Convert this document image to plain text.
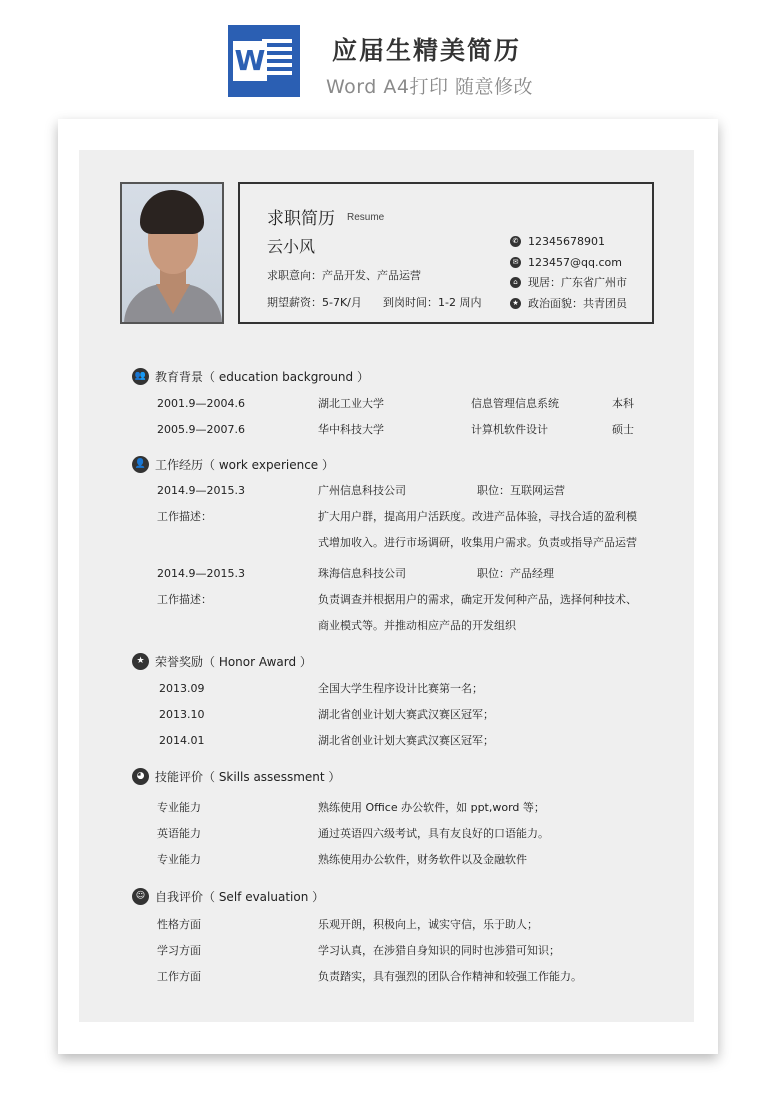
W	应届生精美简历
Word A4打印 随意修改
求职简历 Resume
云小风
求职意向：产品开发、产品运营
期望薪资：5-7K/月 到岗时间：1-2 周内
✆ 12345678901
✉ 123457@qq.com
⌂ 现居：广东省广州市
★ 政治面貌：共青团员
👥 教育背景（ education background ）
2001.9—2004.6	湖北工业大学	信息管理信息系统	本科
2005.9—2007.6	华中科技大学	计算机软件设计	硕士
👤 工作经历（ work experience ）
2014.9—2015.3	广州信息科技公司	职位：互联网运营
工作描述：	扩大用户群，提高用户活跃度。改进产品体验，寻找合适的盈利模
式增加收入。进行市场调研，收集用户需求。负责或指导产品运营
2014.9—2015.3	珠海信息科技公司	职位：产品经理
工作描述：	负责调查并根据用户的需求，确定开发何种产品，选择何种技术、
商业模式等。并推动相应产品的开发组织
★ 荣誉奖励（ Honor Award ）
2013.09	全国大学生程序设计比赛第一名；
2013.10	湖北省创业计划大赛武汉赛区冠军；
2014.01	湖北省创业计划大赛武汉赛区冠军；
◕ 技能评价（ Skills assessment ）
专业能力	熟练使用 Office 办公软件，如 ppt,word 等；
英语能力	通过英语四六级考试，具有友良好的口语能力。
专业能力	熟练使用办公软件，财务软件以及金融软件
☺ 自我评价（ Self evaluation ）
性格方面	乐观开朗，积极向上，诚实守信，乐于助人；
学习方面	学习认真，在涉猎自身知识的同时也涉猎可知识；
工作方面	负责踏实，具有强烈的团队合作精神和较强工作能力。
